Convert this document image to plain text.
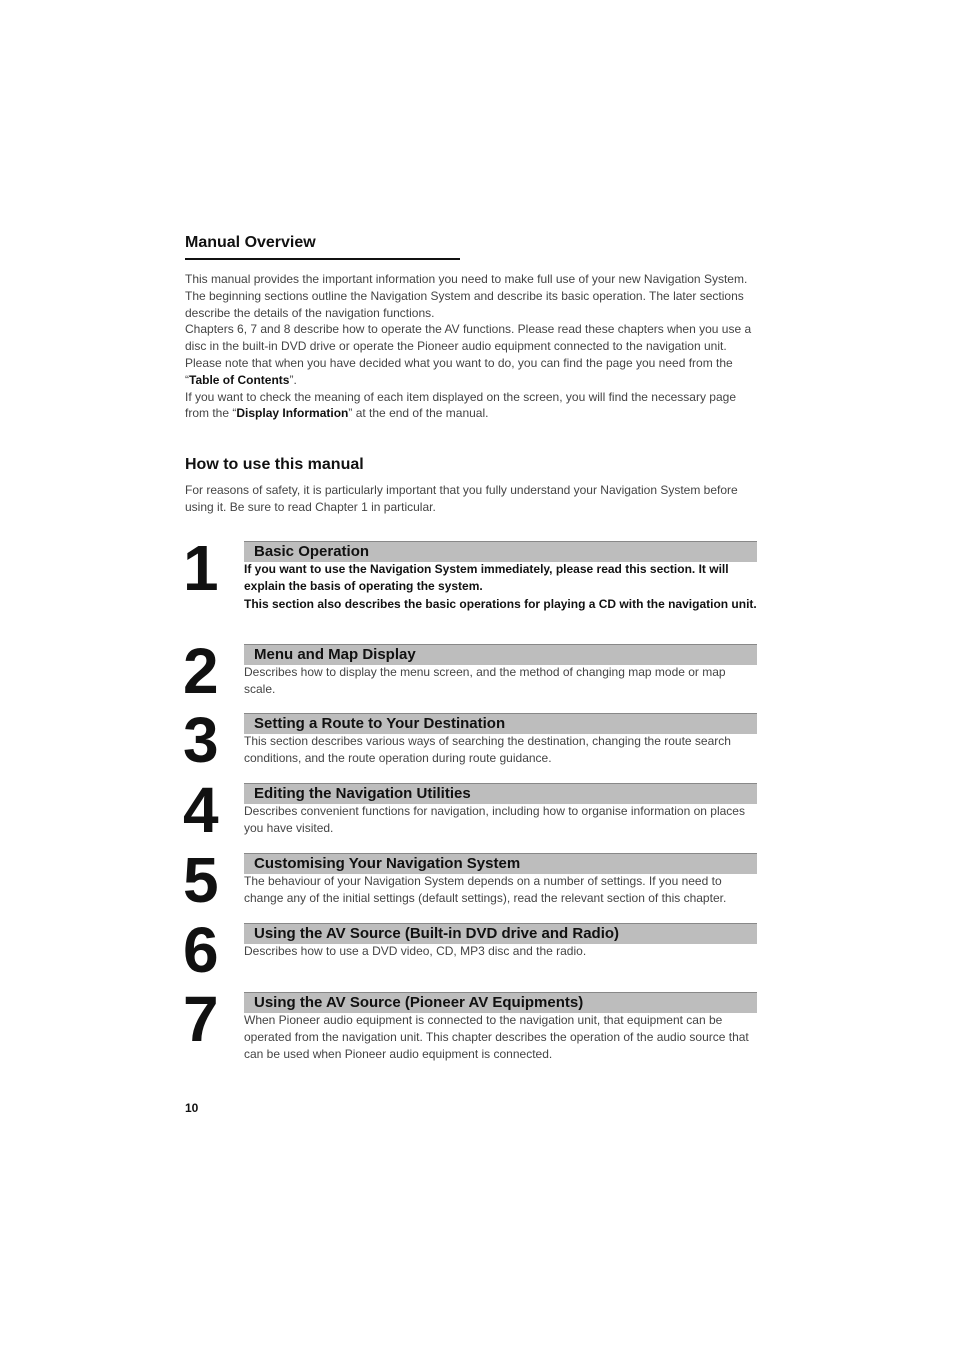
Manual Overview
This manual provides the important information you need to make full use of your new Navigation System. The beginning sections outline the Navigation System and describe its basic operation. The later sections describe the details of the navigation functions.
Chapters 6, 7 and 8 describe how to operate the AV functions. Please read these chapters when you use a disc in the built-in DVD drive or operate the Pioneer audio equipment connected to the navigation unit.
Please note that when you have decided what you want to do, you can find the page you need from the “Table of Contents”.
If you want to check the meaning of each item displayed on the screen, you will find the necessary page from the “Display Information” at the end of the manual.
How to use this manual
For reasons of safety, it is particularly important that you fully understand your Navigation System before using it. Be sure to read Chapter 1 in particular.
1	Basic Operation
If you want to use the Navigation System immediately, please read this section. It will explain the basis of operating the system.
This section also describes the basic operations for playing a CD with the navigation unit.
2	Menu and Map Display
Describes how to display the menu screen, and the method of changing map mode or map scale.
3	Setting a Route to Your Destination
This section describes various ways of searching the destination, changing the route search conditions, and the route operation during route guidance.
4	Editing the Navigation Utilities
Describes convenient functions for navigation, including how to organise information on places you have visited.
5	Customising Your Navigation System
The behaviour of your Navigation System depends on a number of settings. If you need to change any of the initial settings (default settings), read the relevant section of this chapter.
6	Using the AV Source (Built-in DVD drive and Radio)
Describes how to use a DVD video, CD, MP3 disc and the radio.
7	Using the AV Source (Pioneer AV Equipments)
When Pioneer audio equipment is connected to the navigation unit, that equipment can be operated from the navigation unit. This chapter describes the operation of the audio source that can be used when Pioneer audio equipment is connected.
10
